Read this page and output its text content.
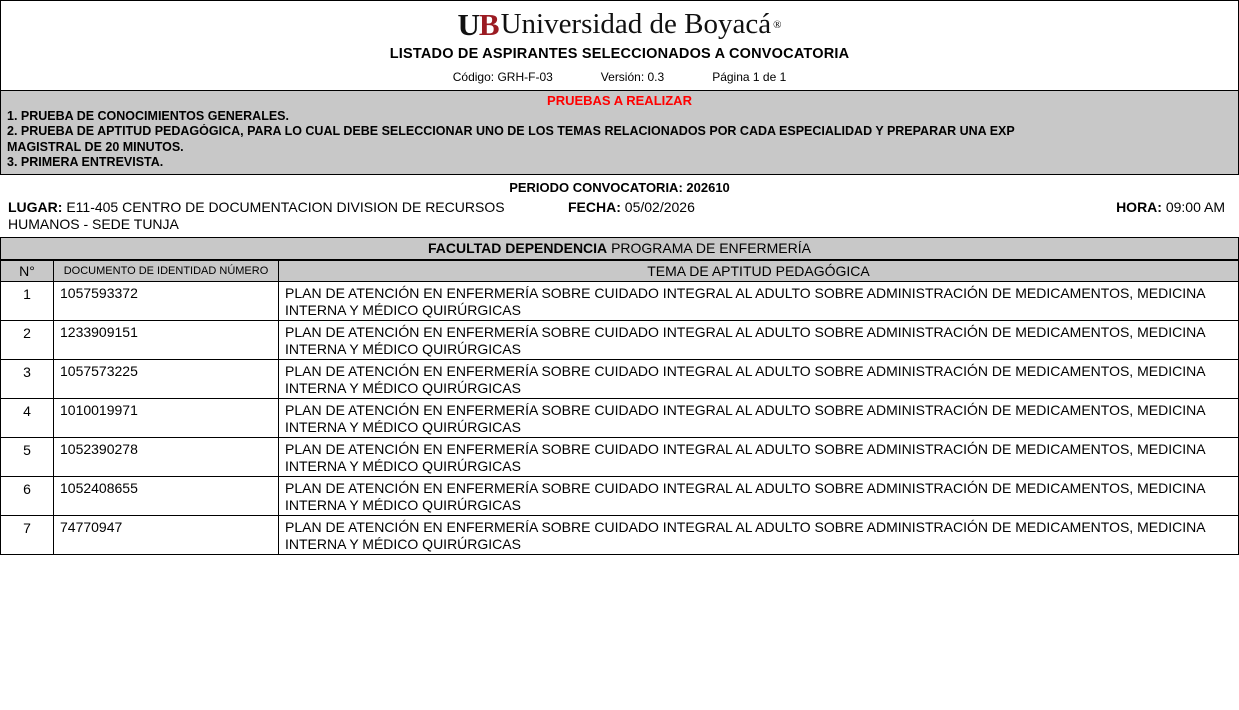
UB Universidad de Boyacá ®
LISTADO DE ASPIRANTES SELECCIONADOS A CONVOCATORIA
Código: GRH-F-03	Versión: 0.3	Página 1 de 1
PRUEBAS A REALIZAR
1. PRUEBA DE CONOCIMIENTOS GENERALES.
2. PRUEBA DE APTITUD PEDAGÓGICA, PARA LO CUAL DEBE SELECCIONAR UNO DE LOS TEMAS RELACIONADOS POR CADA ESPECIALIDAD Y PREPARAR UNA EXP
MAGISTRAL DE 20 MINUTOS.
3. PRIMERA ENTREVISTA.
PERIODO CONVOCATORIA: 202610
LUGAR: E11-405 CENTRO DE DOCUMENTACION DIVISION DE RECURSOS HUMANOS - SEDE TUNJA
FECHA: 05/02/2026	HORA: 09:00 AM
FACULTAD DEPENDENCIA PROGRAMA DE ENFERMERÍA
N°	DOCUMENTO DE IDENTIDAD NÚMERO	TEMA DE APTITUD PEDAGÓGICA
1	1057593372	PLAN DE ATENCIÓN EN ENFERMERÍA SOBRE CUIDADO INTEGRAL AL ADULTO SOBRE ADMINISTRACIÓN DE MEDICAMENTOS, MEDICINA INTERNA Y MÉDICO QUIRÚRGICAS
2	1233909151	PLAN DE ATENCIÓN EN ENFERMERÍA SOBRE CUIDADO INTEGRAL AL ADULTO SOBRE ADMINISTRACIÓN DE MEDICAMENTOS, MEDICINA INTERNA Y MÉDICO QUIRÚRGICAS
3	1057573225	PLAN DE ATENCIÓN EN ENFERMERÍA SOBRE CUIDADO INTEGRAL AL ADULTO SOBRE ADMINISTRACIÓN DE MEDICAMENTOS, MEDICINA INTERNA Y MÉDICO QUIRÚRGICAS
4	1010019971	PLAN DE ATENCIÓN EN ENFERMERÍA SOBRE CUIDADO INTEGRAL AL ADULTO SOBRE ADMINISTRACIÓN DE MEDICAMENTOS, MEDICINA INTERNA Y MÉDICO QUIRÚRGICAS
5	1052390278	PLAN DE ATENCIÓN EN ENFERMERÍA SOBRE CUIDADO INTEGRAL AL ADULTO SOBRE ADMINISTRACIÓN DE MEDICAMENTOS, MEDICINA INTERNA Y MÉDICO QUIRÚRGICAS
6	1052408655	PLAN DE ATENCIÓN EN ENFERMERÍA SOBRE CUIDADO INTEGRAL AL ADULTO SOBRE ADMINISTRACIÓN DE MEDICAMENTOS, MEDICINA INTERNA Y MÉDICO QUIRÚRGICAS
7	74770947	PLAN DE ATENCIÓN EN ENFERMERÍA SOBRE CUIDADO INTEGRAL AL ADULTO SOBRE ADMINISTRACIÓN DE MEDICAMENTOS, MEDICINA INTERNA Y MÉDICO QUIRÚRGICAS
